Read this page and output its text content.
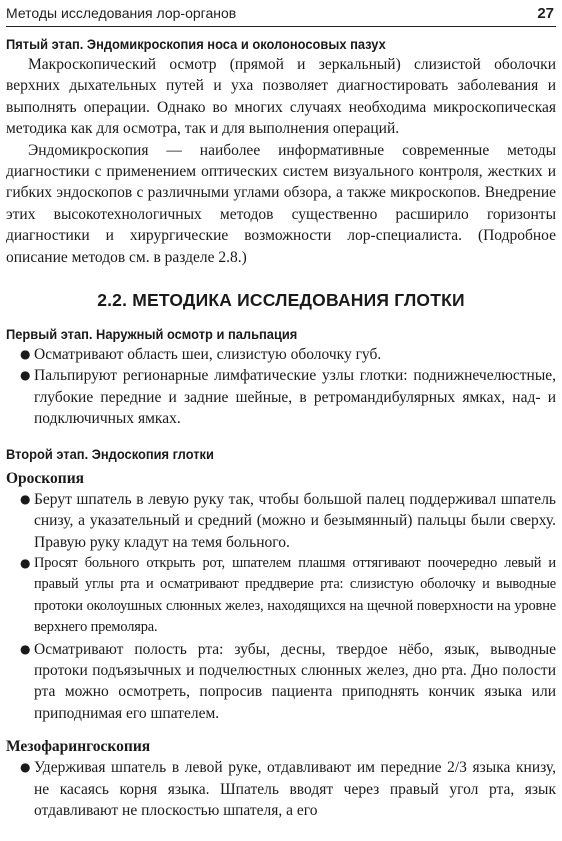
Методы исследования лор-органов	27
Пятый этап. Эндомикроскопия носа и околоносовых пазух

Макроскопический осмотр (прямой и зеркальный) слизистой оболочки верхних дыхательных путей и уха позволяет диагностировать заболевания и выполнять операции. Однако во многих случаях необходима микроскопическая методика как для осмотра, так и для выполнения операций.

Эндомикроскопия — наиболее информативные современные методы диагностики с применением оптических систем визуального контроля, жестких и гибких эндоскопов с различными углами обзора, а также микроскопов. Внедрение этих высокотехнологичных методов существенно расширило горизонты диагностики и хирургические возможности лор-специалиста. (Подробное описание методов см. в разделе 2.8.)

2.2. МЕТОДИКА ИССЛЕДОВАНИЯ ГЛОТКИ
Первый этап. Наружный осмотр и пальпация
● Осматривают область шеи, слизистую оболочку губ.
● Пальпируют регионарные лимфатические узлы глотки: поднижнечелюстные, глубокие передние и задние шейные, в ретромандибулярных ямках, над- и подключичных ямках.
Второй этап. Эндоскопия глотки
Ороскопия
● Берут шпатель в левую руку так, чтобы большой палец поддерживал шпатель снизу, а указательный и средний (можно и безымянный) пальцы были сверху. Правую руку кладут на темя больного.
● Просят больного открыть рот, шпателем плашмя оттягивают поочередно левый и правый углы рта и осматривают преддверие рта: слизистую оболочку и выводные протоки околоушных слюнных желез, находящихся на щечной поверхности на уровне верхнего премоляра.
● Осматривают полость рта: зубы, десны, твердое нёбо, язык, выводные протоки подъязычных и подчелюстных слюнных желез, дно рта. Дно полости рта можно осмотреть, попросив пациента приподнять кончик языка или приподнимая его шпателем.
Мезофарингоскопия
● Удерживая шпатель в левой руке, отдавливают им передние 2/3 языка книзу, не касаясь корня языка. Шпатель вводят через правый угол рта, язык отдавливают не плоскостью шпателя, а его
